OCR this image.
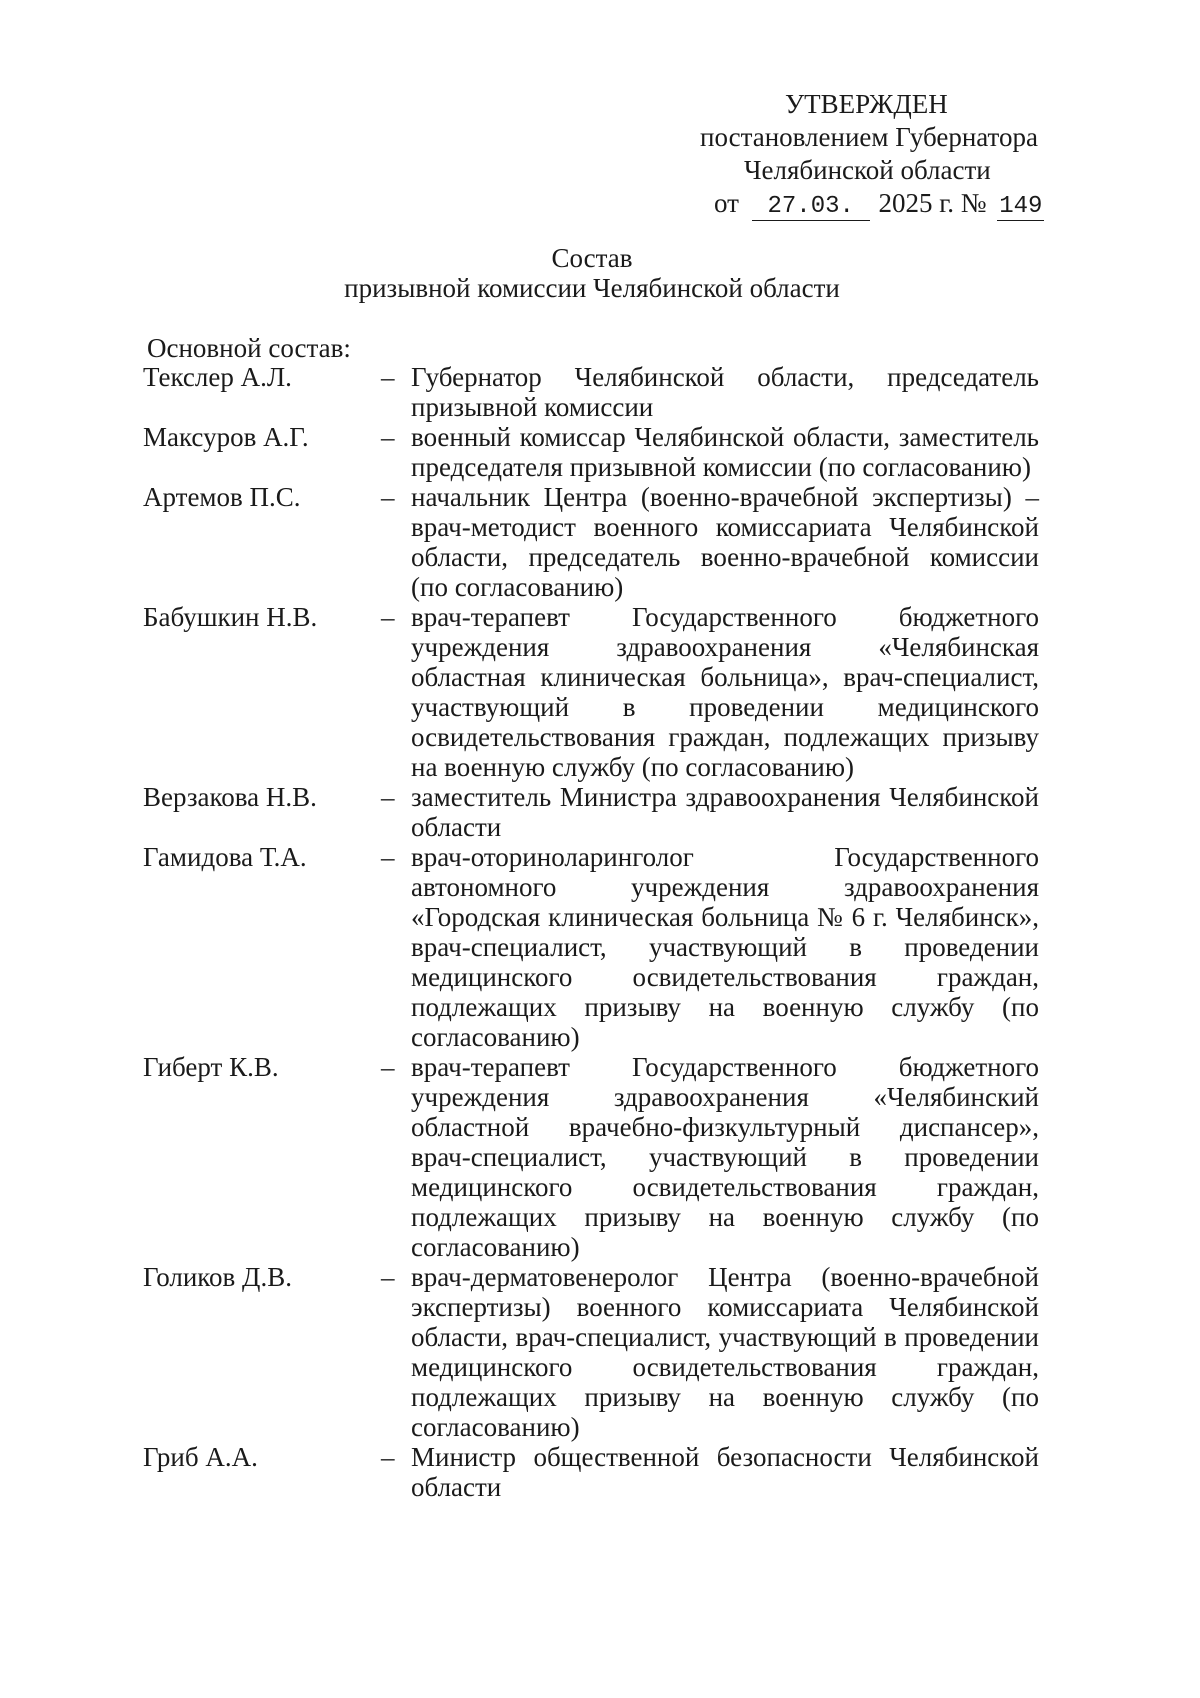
УТВЕРЖДЕН
постановлением Губернатора
Челябинской области
от 27.03. 2025 г. № 149
Состав
призывной комиссии Челябинской области
Основной состав:
Текслер А.Л.	– Губернатор Челябинской области, председатель призывной комиссии
Максуров А.Г.	– военный комиссар Челябинской области, заместитель председателя призывной комиссии (по согласованию)
Артемов П.С.	– начальник Центра (военно-врачебной экспертизы) – врач-методист военного комиссариата Челябинской области, председатель военно-врачебной комиссии (по согласованию)
Бабушкин Н.В.	– врач-терапевт Государственного бюджетного учреждения здравоохранения «Челябинская областная клиническая больница», врач-специалист, участвующий в проведении медицинского освидетельствования граждан, подлежащих призыву на военную службу (по согласованию)
Верзакова Н.В.	– заместитель Министра здравоохранения Челябинской области
Гамидова Т.А.	– врач-оториноларинголог Государственного автономного учреждения здравоохранения «Городская клиническая больница № 6 г. Челябинск», врач-специалист, участвующий в проведении медицинского освидетельствования граждан, подлежащих призыву на военную службу (по согласованию)
Гиберт К.В.	– врач-терапевт Государственного бюджетного учреждения здравоохранения «Челябинский областной врачебно-физкультурный диспансер», врач-специалист, участвующий в проведении медицинского освидетельствования граждан, подлежащих призыву на военную службу (по согласованию)
Голиков Д.В.	– врач-дерматовенеролог Центра (военно-врачебной экспертизы) военного комиссариата Челябинской области, врач-специалист, участвующий в проведении медицинского освидетельствования граждан, подлежащих призыву на военную службу (по согласованию)
Гриб А.А.	– Министр общественной безопасности Челябинской области
